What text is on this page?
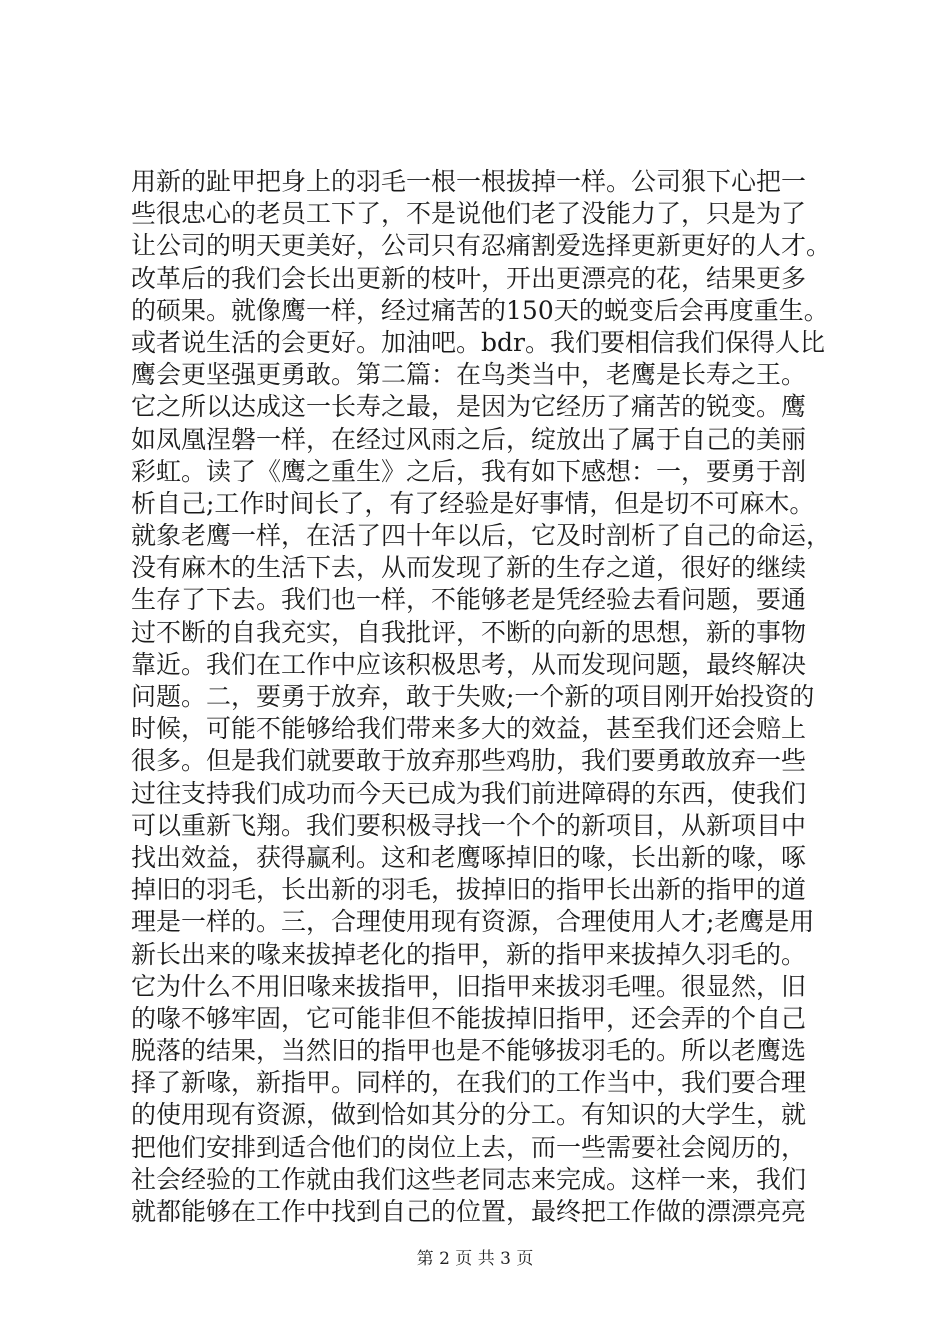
用新的趾甲把身上的羽毛一根一根拔掉一样。公司狠下心把一
些很忠心的老员工下了，不是说他们老了没能力了，只是为了
让公司的明天更美好，公司只有忍痛割爱选择更新更好的人才。
改革后的我们会长出更新的枝叶，开出更漂亮的花，结果更多
的硕果。就像鹰一样，经过痛苦的150天的蜕变后会再度重生。
或者说生活的会更好。加油吧。bdr。我们要相信我们保得人比
鹰会更坚强更勇敢。第二篇：在鸟类当中，老鹰是长寿之王。
它之所以达成这一长寿之最，是因为它经历了痛苦的锐变。鹰
如凤凰涅磐一样，在经过风雨之后，绽放出了属于自己的美丽
彩虹。读了《鹰之重生》之后，我有如下感想：一，要勇于剖
析自己;工作时间长了，有了经验是好事情，但是切不可麻木。
就象老鹰一样，在活了四十年以后，它及时剖析了自己的命运，
没有麻木的生活下去，从而发现了新的生存之道，很好的继续
生存了下去。我们也一样，不能够老是凭经验去看问题，要通
过不断的自我充实，自我批评，不断的向新的思想，新的事物
靠近。我们在工作中应该积极思考，从而发现问题，最终解决
问题。二，要勇于放弃，敢于失败;一个新的项目刚开始投资的
时候，可能不能够给我们带来多大的效益，甚至我们还会赔上
很多。但是我们就要敢于放弃那些鸡肋，我们要勇敢放弃一些
过往支持我们成功而今天已成为我们前进障碍的东西，使我们
可以重新飞翔。我们要积极寻找一个个的新项目，从新项目中
找出效益，获得赢利。这和老鹰啄掉旧的喙，长出新的喙，啄
掉旧的羽毛，长出新的羽毛，拔掉旧的指甲长出新的指甲的道
理是一样的。三，合理使用现有资源，合理使用人才;老鹰是用
新长出来的喙来拔掉老化的指甲，新的指甲来拔掉久羽毛的。
它为什么不用旧喙来拔指甲，旧指甲来拔羽毛哩。很显然，旧
的喙不够牢固，它可能非但不能拔掉旧指甲，还会弄的个自己
脱落的结果，当然旧的指甲也是不能够拔羽毛的。所以老鹰选
择了新喙，新指甲。同样的，在我们的工作当中，我们要合理
的使用现有资源，做到恰如其分的分工。有知识的大学生，就
把他们安排到适合他们的岗位上去，而一些需要社会阅历的，
社会经验的工作就由我们这些老同志来完成。这样一来，我们
就都能够在工作中找到自己的位置，最终把工作做的漂漂亮亮
第 2 页 共 3 页
